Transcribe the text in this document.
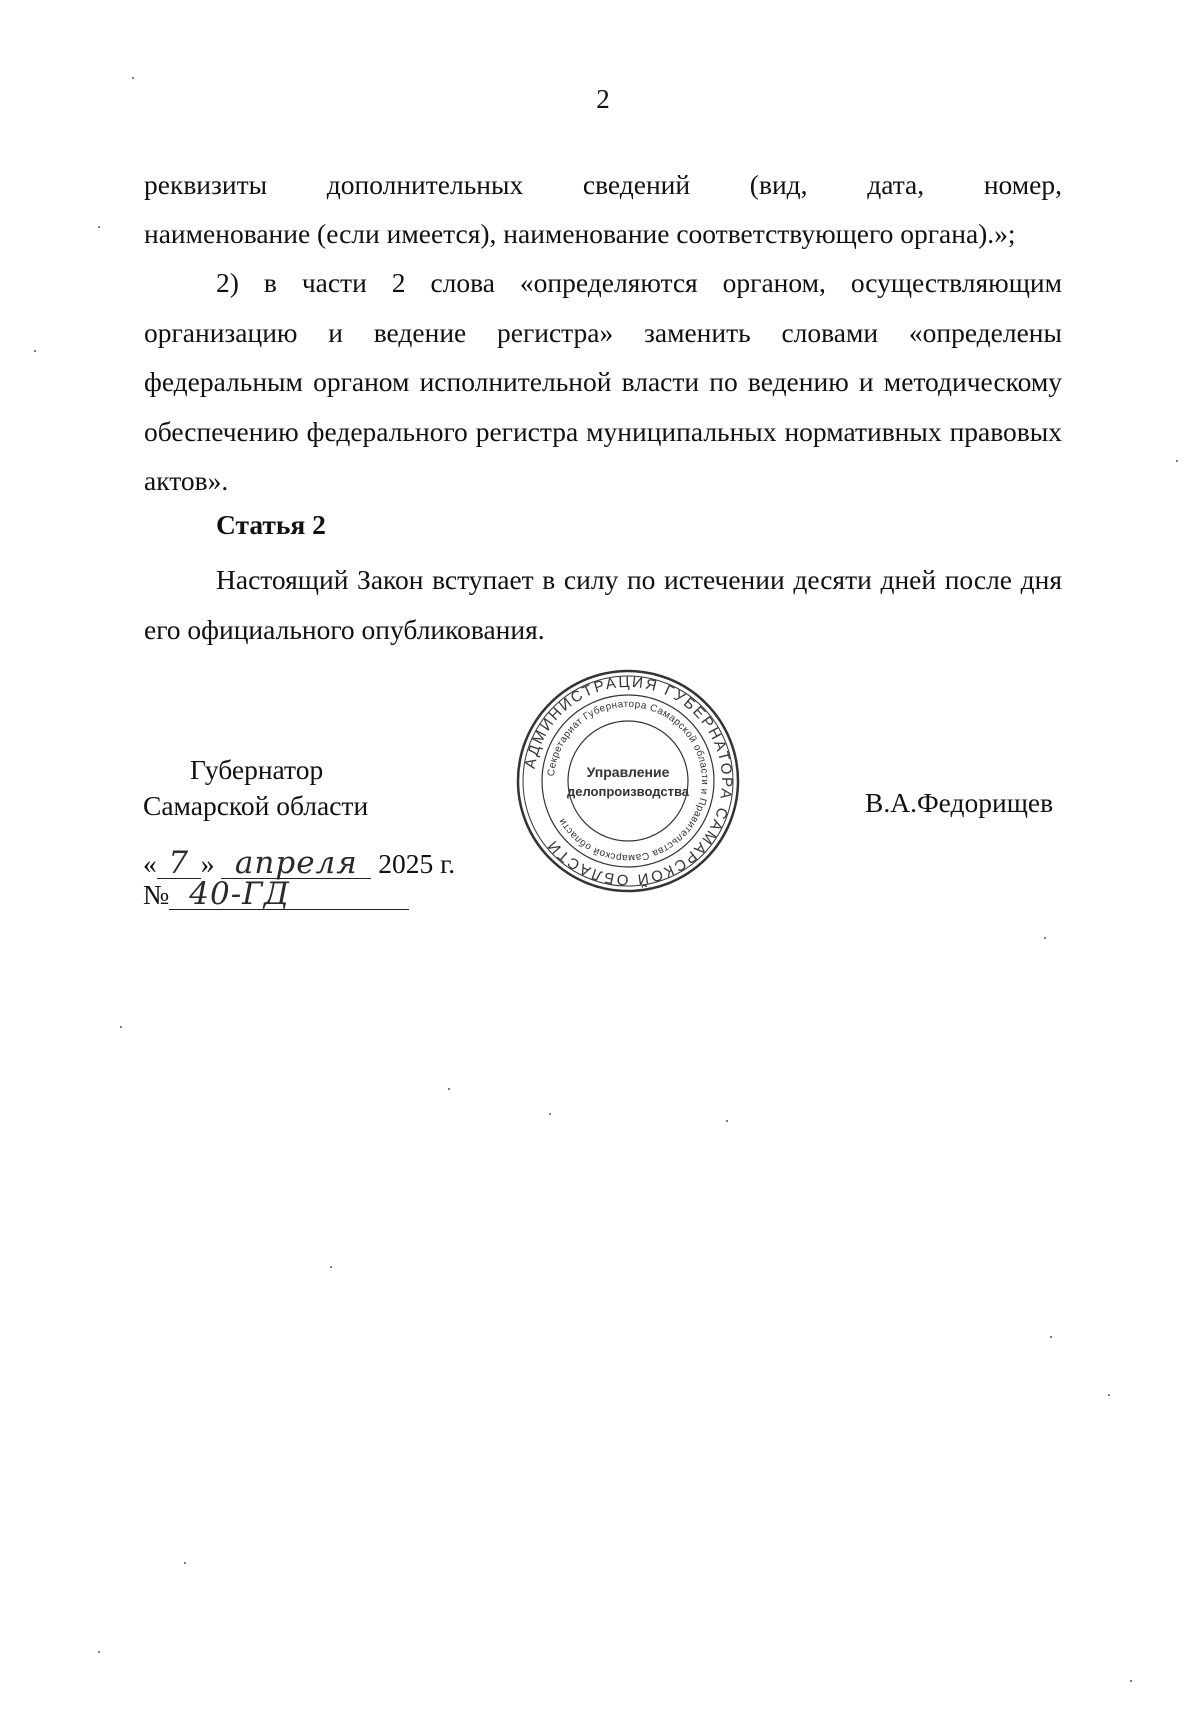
2
реквизиты дополнительных сведений (вид, дата, номер,
наименование (если имеется), наименование соответствующего органа).»;
2) в части 2 слова «определяются органом, осуществляющим организацию и ведение регистра» заменить словами «определены федеральным органом исполнительной власти по ведению и методическому обеспечению федерального регистра муниципальных нормативных правовых актов».
Статья 2
Настоящий Закон вступает в силу по истечении десяти дней после дня его официального опубликования.
Губернатор
Самарской области	В.А.Федорищев
« 7 » апреля 2025 г.
№ 40-ГД
АДМИНИСТРАЦИЯ ГУБЕРНАТОРА САМАРСКОЙ ОБЛАСТИ
Секретариат Губернатора Самарской области и Правительства Самарской области
Управление
делопроизводства
